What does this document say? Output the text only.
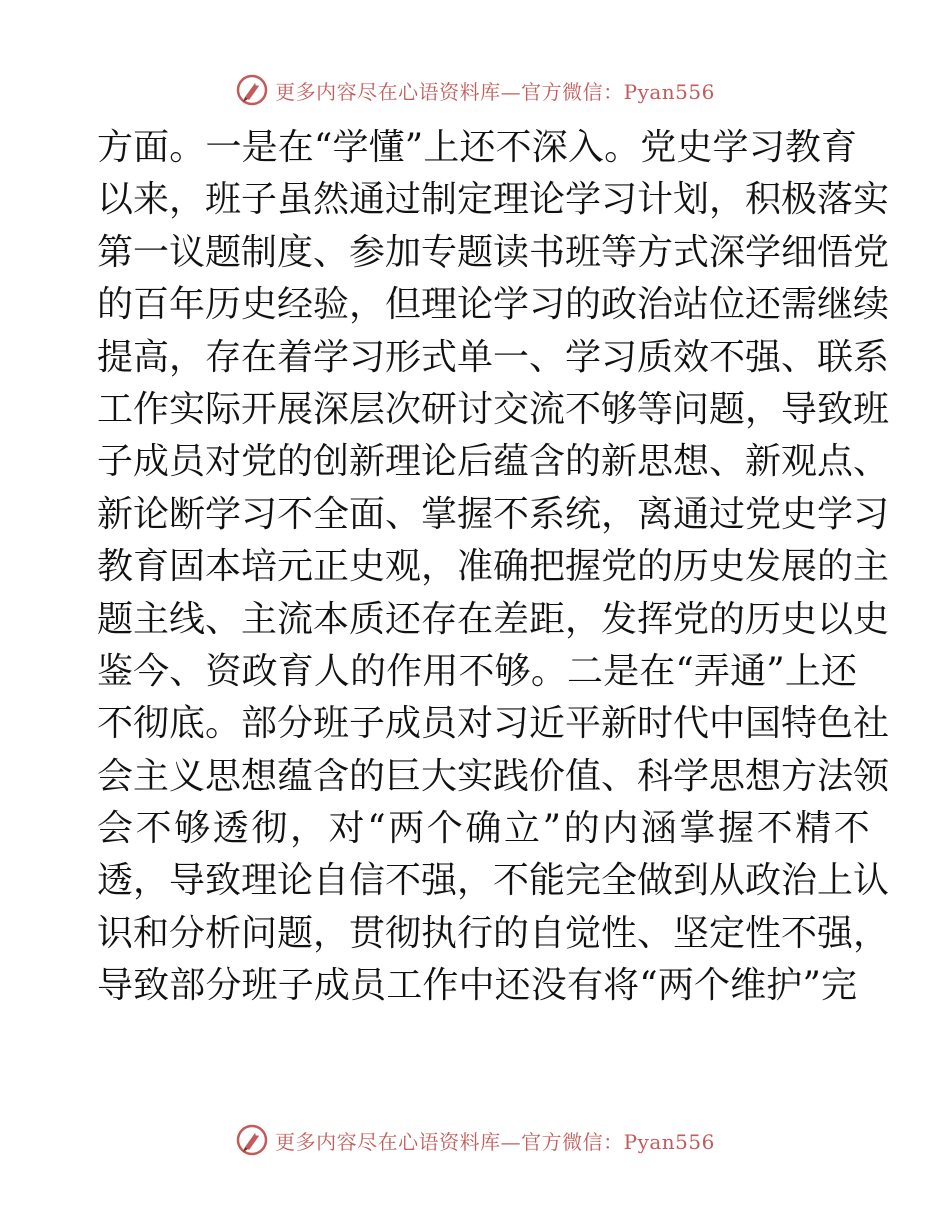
更多内容尽在心语资料库—官方微信：Pyan556
方面。一是在“学懂”上还不深入。党史学习教育
以来，班子虽然通过制定理论学习计划，积极落实
第一议题制度、参加专题读书班等方式深学细悟党
的百年历史经验，但理论学习的政治站位还需继续
提高，存在着学习形式单一、学习质效不强、联系
工作实际开展深层次研讨交流不够等问题，导致班
子成员对党的创新理论后蕴含的新思想、新观点、
新论断学习不全面、掌握不系统，离通过党史学习
教育固本培元正史观，准确把握党的历史发展的主
题主线、主流本质还存在差距，发挥党的历史以史
鉴今、资政育人的作用不够。二是在“弄通”上还
不彻底。部分班子成员对习近平新时代中国特色社
会主义思想蕴含的巨大实践价值、科学思想方法领
会不够透彻，对“两个确立”的内涵掌握不精不
透，导致理论自信不强，不能完全做到从政治上认
识和分析问题，贯彻执行的自觉性、坚定性不强，
导致部分班子成员工作中还没有将“两个维护”完
更多内容尽在心语资料库—官方微信：Pyan556
